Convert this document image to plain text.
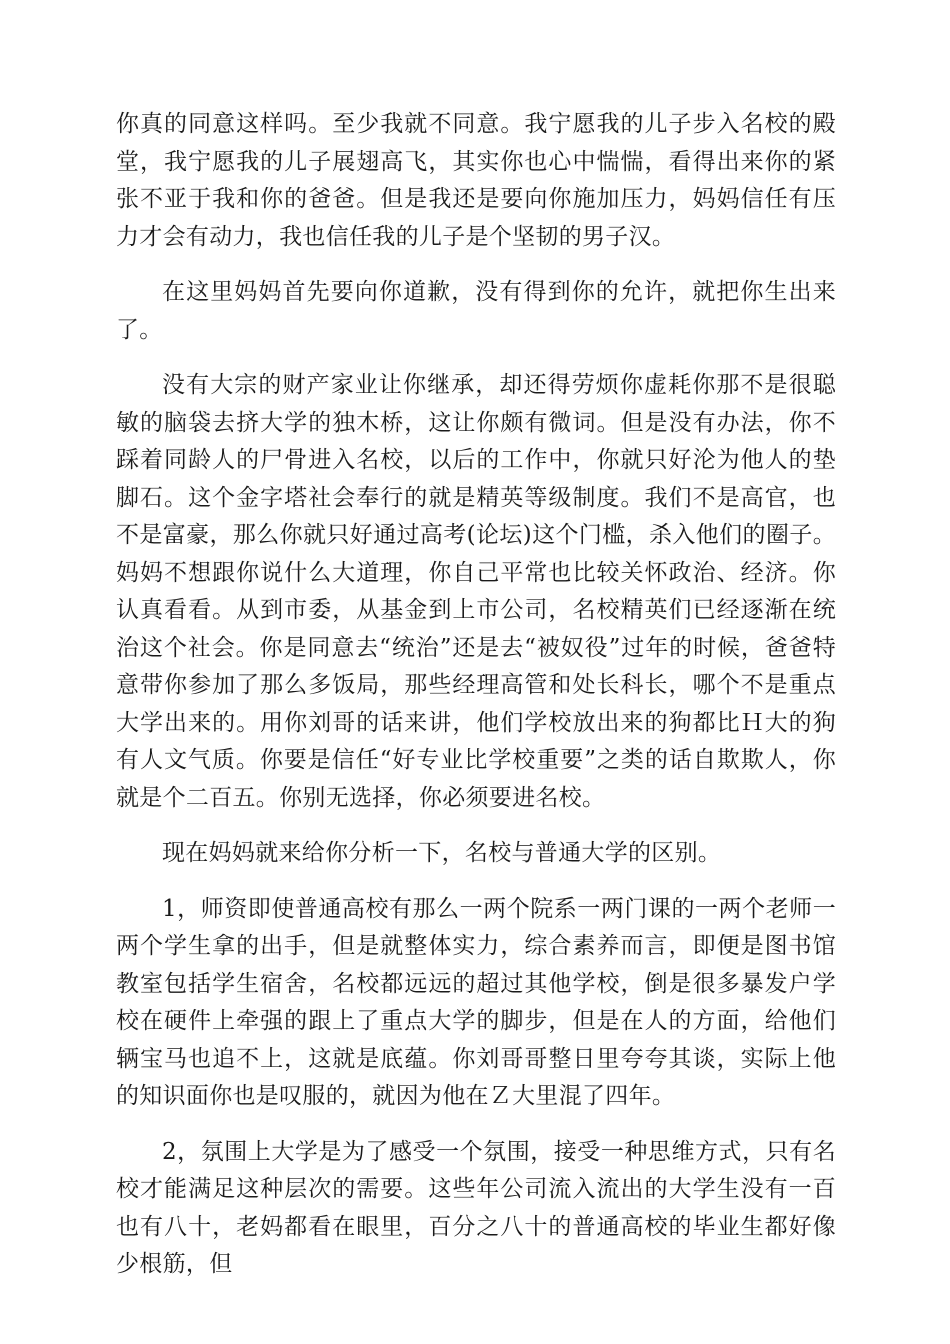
你真的同意这样吗。至少我就不同意。我宁愿我的儿子步入名校的殿堂，我宁愿我的儿子展翅高飞，其实你也心中惴惴，看得出来你的紧张不亚于我和你的爸爸。但是我还是要向你施加压力，妈妈信任有压力才会有动力，我也信任我的儿子是个坚韧的男子汉。

在这里妈妈首先要向你道歉，没有得到你的允许，就把你生出来了。

没有大宗的财产家业让你继承，却还得劳烦你虚耗你那不是很聪敏的脑袋去挤大学的独木桥，这让你颇有微词。但是没有办法，你不踩着同龄人的尸骨进入名校，以后的工作中，你就只好沦为他人的垫脚石。这个金字塔社会奉行的就是精英等级制度。我们不是高官，也不是富豪，那么你就只好通过高考(论坛)这个门槛，杀入他们的圈子。妈妈不想跟你说什么大道理，你自己平常也比较关怀政治、经济。你认真看看。从到市委，从基金到上市公司，名校精英们已经逐渐在统治这个社会。你是同意去“统治”还是去“被奴役”过年的时候，爸爸特意带你参加了那么多饭局，那些经理高管和处长科长，哪个不是重点大学出来的。用你刘哥的话来讲，他们学校放出来的狗都比Ｈ大的狗有人文气质。你要是信任“好专业比学校重要”之类的话自欺欺人，你就是个二百五。你别无选择，你必须要进名校。

现在妈妈就来给你分析一下，名校与普通大学的区别。

1，师资即使普通高校有那么一两个院系一两门课的一两个老师一两个学生拿的出手，但是就整体实力，综合素养而言，即便是图书馆教室包括学生宿舍，名校都远远的超过其他学校，倒是很多暴发户学校在硬件上牵强的跟上了重点大学的脚步，但是在人的方面，给他们辆宝马也追不上，这就是底蕴。你刘哥哥整日里夸夸其谈，实际上他的知识面你也是叹服的，就因为他在Ｚ大里混了四年。

2，氛围上大学是为了感受一个氛围，接受一种思维方式，只有名校才能满足这种层次的需要。这些年公司流入流出的大学生没有一百也有八十，老妈都看在眼里，百分之八十的普通高校的毕业生都好像少根筋，但
